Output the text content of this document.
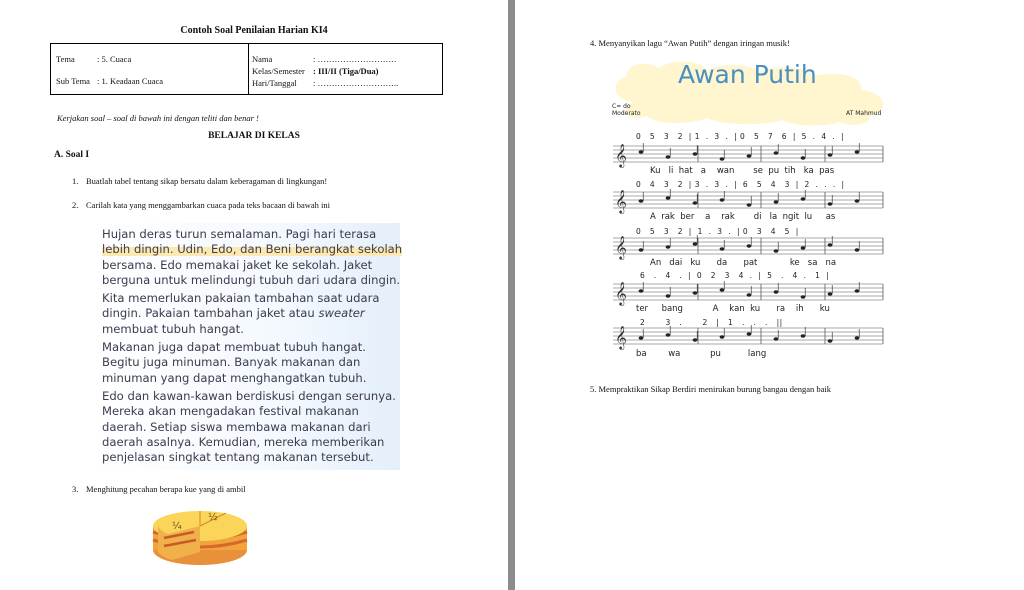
Contoh Soal Penilaian Harian KI4
Tema	: 5. Cuaca
Sub Tema : 1. Keadaan Cuaca
Nama	: ……………………….
Kelas/Semester : III/II (Tiga/Dua)
Hari/Tanggal : ………………………..
Kerjakan soal – soal di bawah ini dengan teliti dan benar !
BELAJAR DI KELAS
A. Soal I
1. Buatlah tabel tentang sikap bersatu dalam keberagaman di lingkungan!
2. Carilah kata yang menggambarkan cuaca pada teks bacaan di bawah ini
Hujan deras turun semalaman. Pagi hari terasa
lebih dingin. Udin, Edo, dan Beni berangkat sekolah
bersama. Edo memakai jaket ke sekolah. Jaket
berguna untuk melindungi tubuh dari udara dingin.
Kita memerlukan pakaian tambahan saat udara
dingin. Pakaian tambahan jaket atau sweater
membuat tubuh hangat.
Makanan juga dapat membuat tubuh hangat.
Begitu juga minuman. Banyak makanan dan
minuman yang dapat menghangatkan tubuh.
Edo dan kawan-kawan berdiskusi dengan serunya.
Mereka akan mengadakan festival makanan
daerah. Setiap siswa membawa makanan dari
daerah asalnya. Kemudian, mereka memberikan
penjelasan singkat tentang makanan tersebut.
3. Menghitung pecahan berapa kue yang di ambil
¼
½
4. Menyanyikan lagu “Awan Putih” dengan iringan musik!
𝄞
𝄞
𝄞
𝄞
𝄞
Awan Putih
C= do
Moderato	AT Mahmud
0   5   3   2  | 1  .  3  .  | 0   5   7   6  |  5  .  4  .  |
Ku   li  hat   a    wan       se  pu  tih   ka  pas
0   4   3   2  | 3  .  3  .  |  6   5   4   3  |  2  .  .  .  |
A  rak  ber    a    rak       di   la  ngit  lu     as
0   5   3   2  |  1  .  3  .  | 0   3   4   5  |
An   dai   ku      da      pat            ke   sa   na
6   .   4   .  |  0   2   3   4  .  |  5   .   4  .   1  |
ter     bang           A    kan  ku      ra    ih      ku
2       3   .       2   |   1   .   .   .   ||
ba        wa           pu          lang
5. Mempraktikan Sikap Berdiri menirukan burung bangau dengan baik
